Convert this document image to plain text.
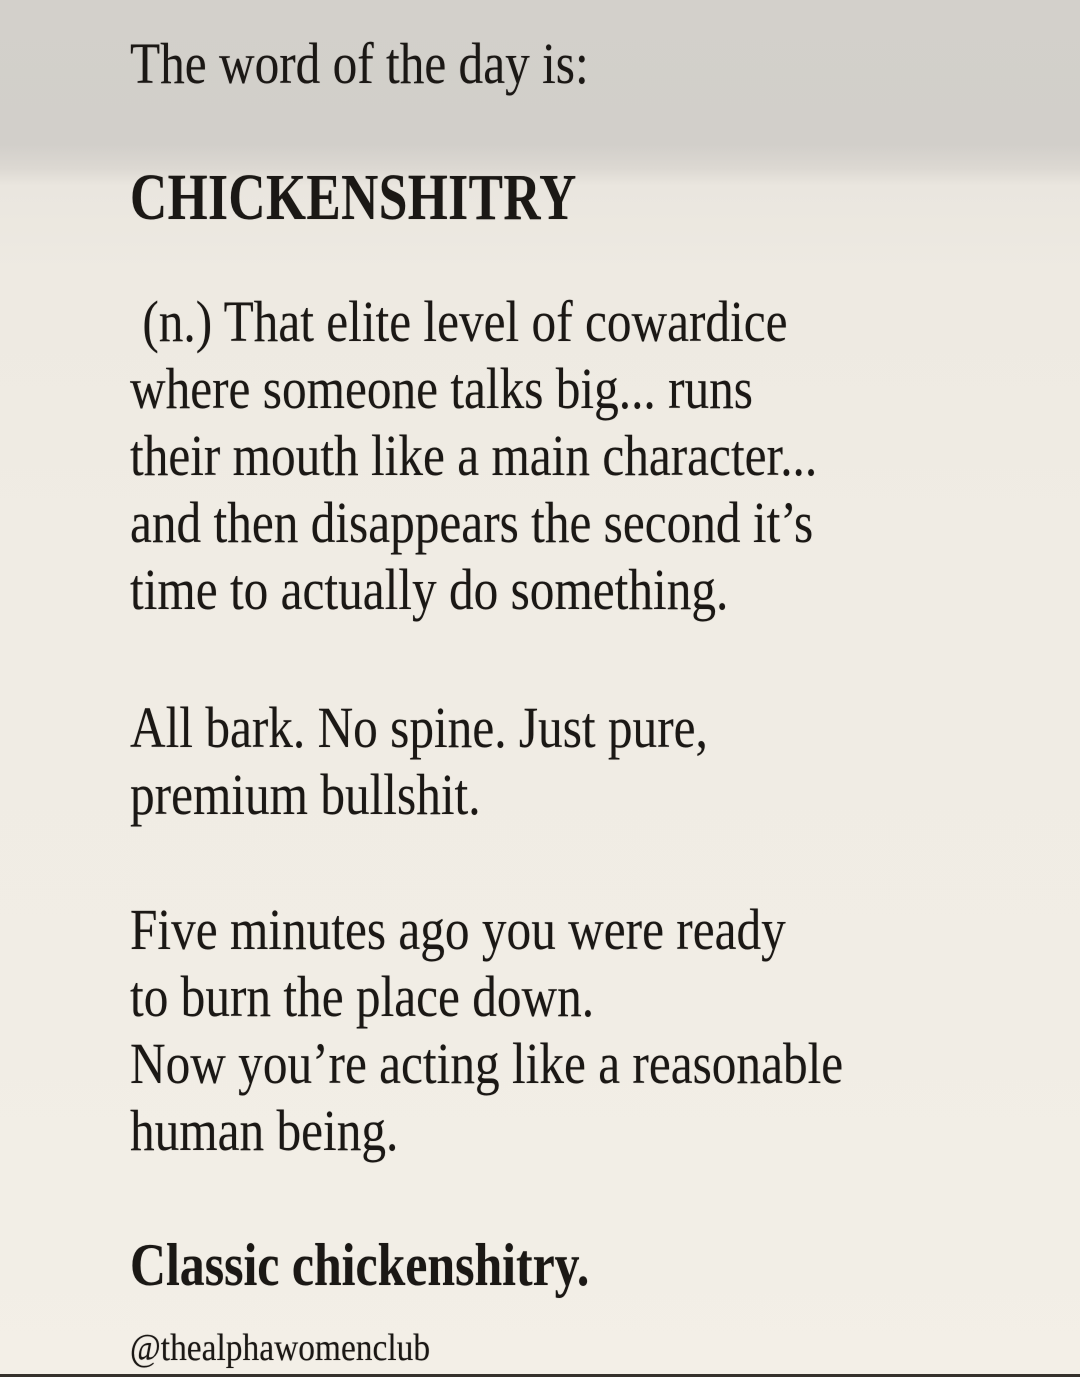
The word of the day is:
CHICKENSHITRY
(n.) That elite level of cowardice
where someone talks big... runs
their mouth like a main character...
and then disappears the second it’s
time to actually do something.
All bark. No spine. Just pure,
premium bullshit.
Five minutes ago you were ready
to burn the place down.
Now you’re acting like a reasonable
human being.
Classic chickenshitry.
@thealphawomenclub
